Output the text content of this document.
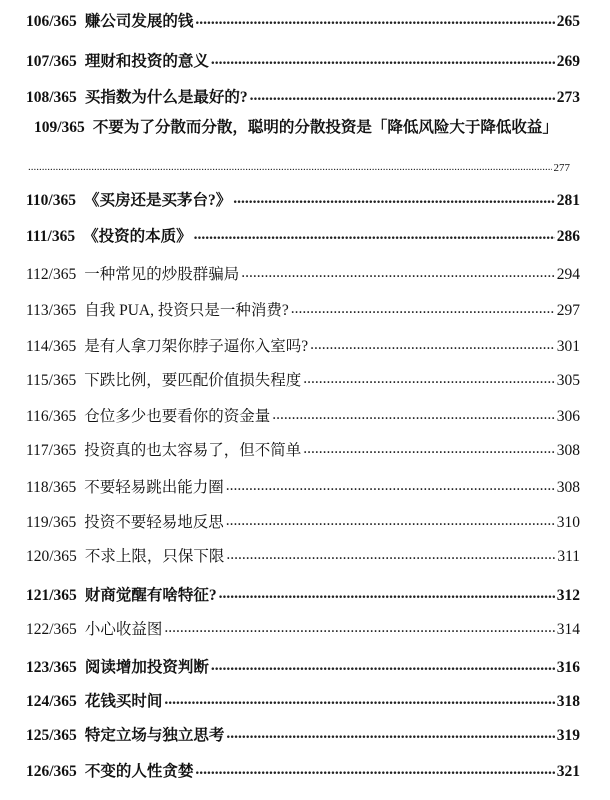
106/365 赚公司发展的钱 .....	265
107/365 理财和投资的意义 .....	269
108/365 买指数为什么是最好的? .....	273
109/365 不要为了分散而分散，聪明的分散投资是「降低风险大于降低收益」
.....
277
110/365 《买房还是买茅台?》 .....	281
111/365 《投资的本质》 .....	286
112/365 一种常见的炒股群骗局 .....	294
113/365 自我 PUA, 投资只是一种消费? .....	297
114/365 是有人拿刀架你脖子逼你入室吗? .....	301
115/365 下跌比例，要匹配价值损失程度 .....	305
116/365 仓位多少也要看你的资金量 .....	306
117/365 投资真的也太容易了，但不简单 .....	308
118/365 不要轻易跳出能力圈 .....	308
119/365 投资不要轻易地反思 .....	310
120/365 不求上限，只保下限 .....	311
121/365 财商觉醒有啥特征? .....	312
122/365 小心收益图 .....	314
123/365 阅读增加投资判断 .....	316
124/365 花钱买时间 .....	318
125/365 特定立场与独立思考 .....	319
126/365 不变的人性贪婪 .....	321
